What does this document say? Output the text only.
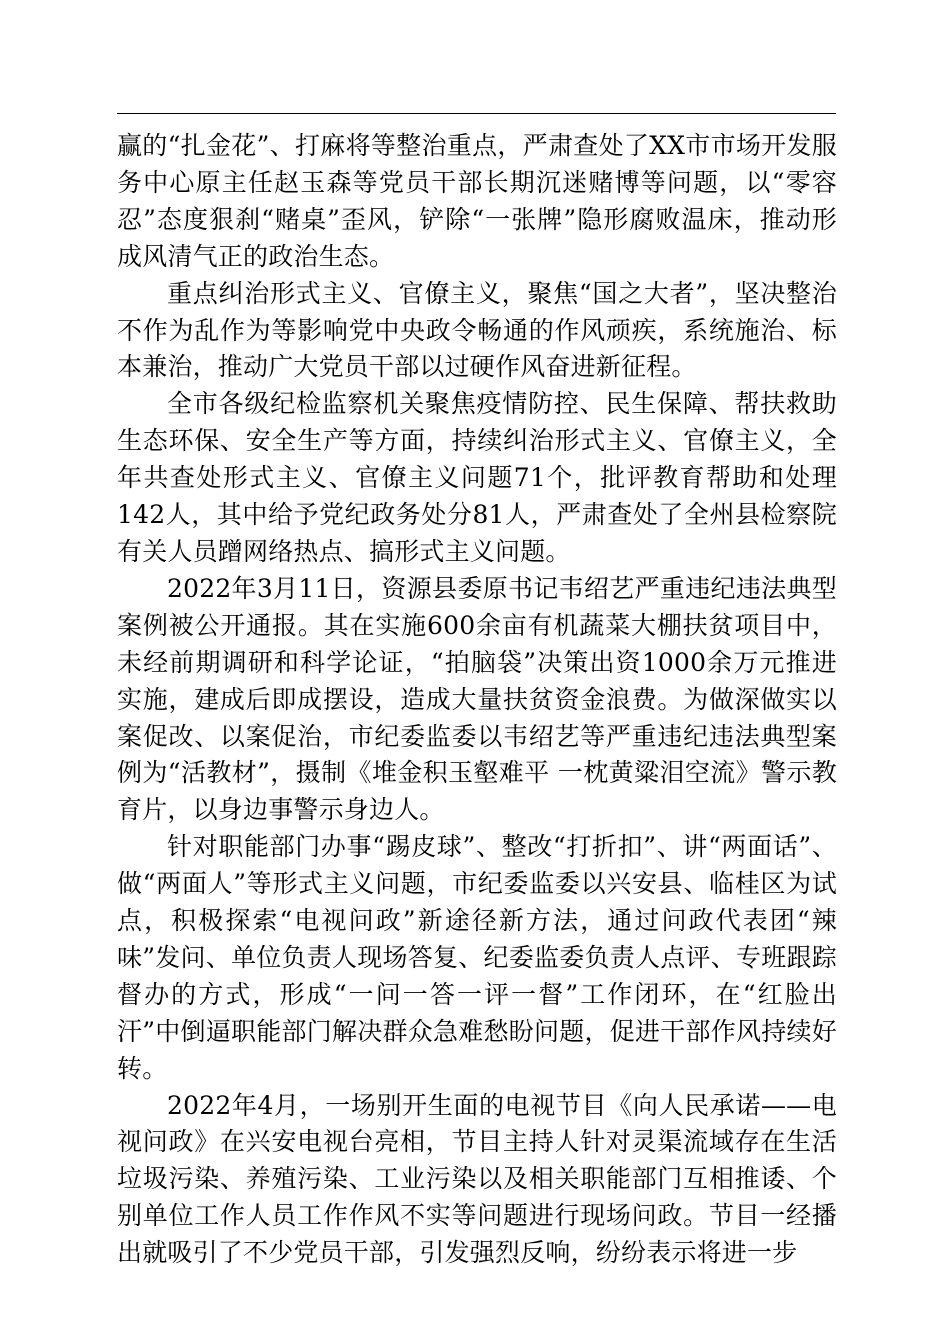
赢的“扎金花”、打麻将等整治重点，严肃查处了XX市市场开发服务中心原主任赵玉森等党员干部长期沉迷赌博等问题，以“零容忍”态度狠刹“赌桌”歪风，铲除“一张牌”隐形腐败温床，推动形成风清气正的政治生态。

重点纠治形式主义、官僚主义，聚焦“国之大者”，坚决整治不作为乱作为等影响党中央政令畅通的作风顽疾，系统施治、标本兼治，推动广大党员干部以过硬作风奋进新征程。

全市各级纪检监察机关聚焦疫情防控、民生保障、帮扶救助生态环保、安全生产等方面，持续纠治形式主义、官僚主义，全年共查处形式主义、官僚主义问题71个，批评教育帮助和处理142人，其中给予党纪政务处分81人，严肃查处了全州县检察院有关人员蹭网络热点、搞形式主义问题。

2022年3月11日，资源县委原书记韦绍艺严重违纪违法典型案例被公开通报。其在实施600余亩有机蔬菜大棚扶贫项目中，未经前期调研和科学论证，“拍脑袋”决策出资1000余万元推进实施，建成后即成摆设，造成大量扶贫资金浪费。为做深做实以案促改、以案促治，市纪委监委以韦绍艺等严重违纪违法典型案例为“活教材”，摄制《堆金积玉壑难平 一枕黄粱泪空流》警示教育片，以身边事警示身边人。

针对职能部门办事“踢皮球”、整改“打折扣”、讲“两面话”、做“两面人”等形式主义问题，市纪委监委以兴安县、临桂区为试点，积极探索“电视问政”新途径新方法，通过问政代表团“辣味”发问、单位负责人现场答复、纪委监委负责人点评、专班跟踪督办的方式，形成“一问一答一评一督”工作闭环，在“红脸出汗”中倒逼职能部门解决群众急难愁盼问题，促进干部作风持续好转。

2022年4月，一场别开生面的电视节目《向人民承诺——电视问政》在兴安电视台亮相，节目主持人针对灵渠流域存在生活垃圾污染、养殖污染、工业污染以及相关职能部门互相推诿、个别单位工作人员工作作风不实等问题进行现场问政。节目一经播出就吸引了不少党员干部，引发强烈反响，纷纷表示将进一步
